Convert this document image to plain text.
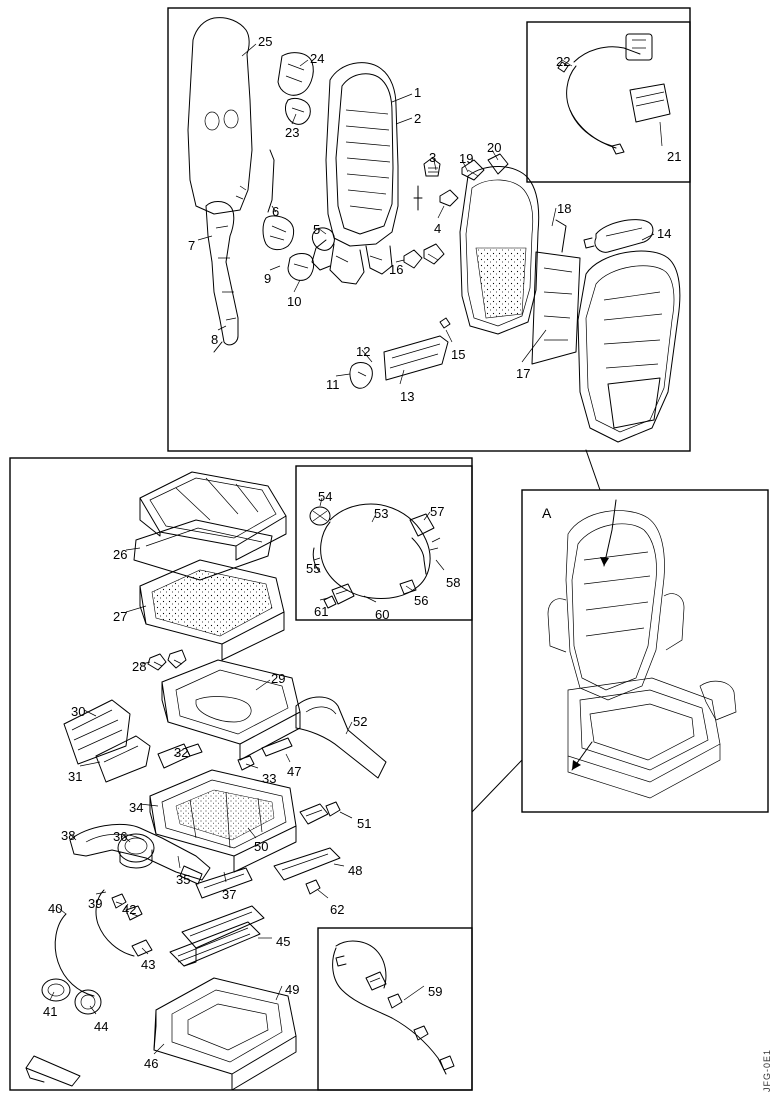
1
2
3
4
5
6
7
8
9
10
11
12
13
14
15
16
17
18
19
20
21
22
23
24
25
26
27
28
29
30
31
32
33
34
35
36
37
38
39
40
41
42
43
44
45
46
47
48
49
50
51
52
53
54
55
56
57
58
59
60
61
62
JFG-0E1
A
